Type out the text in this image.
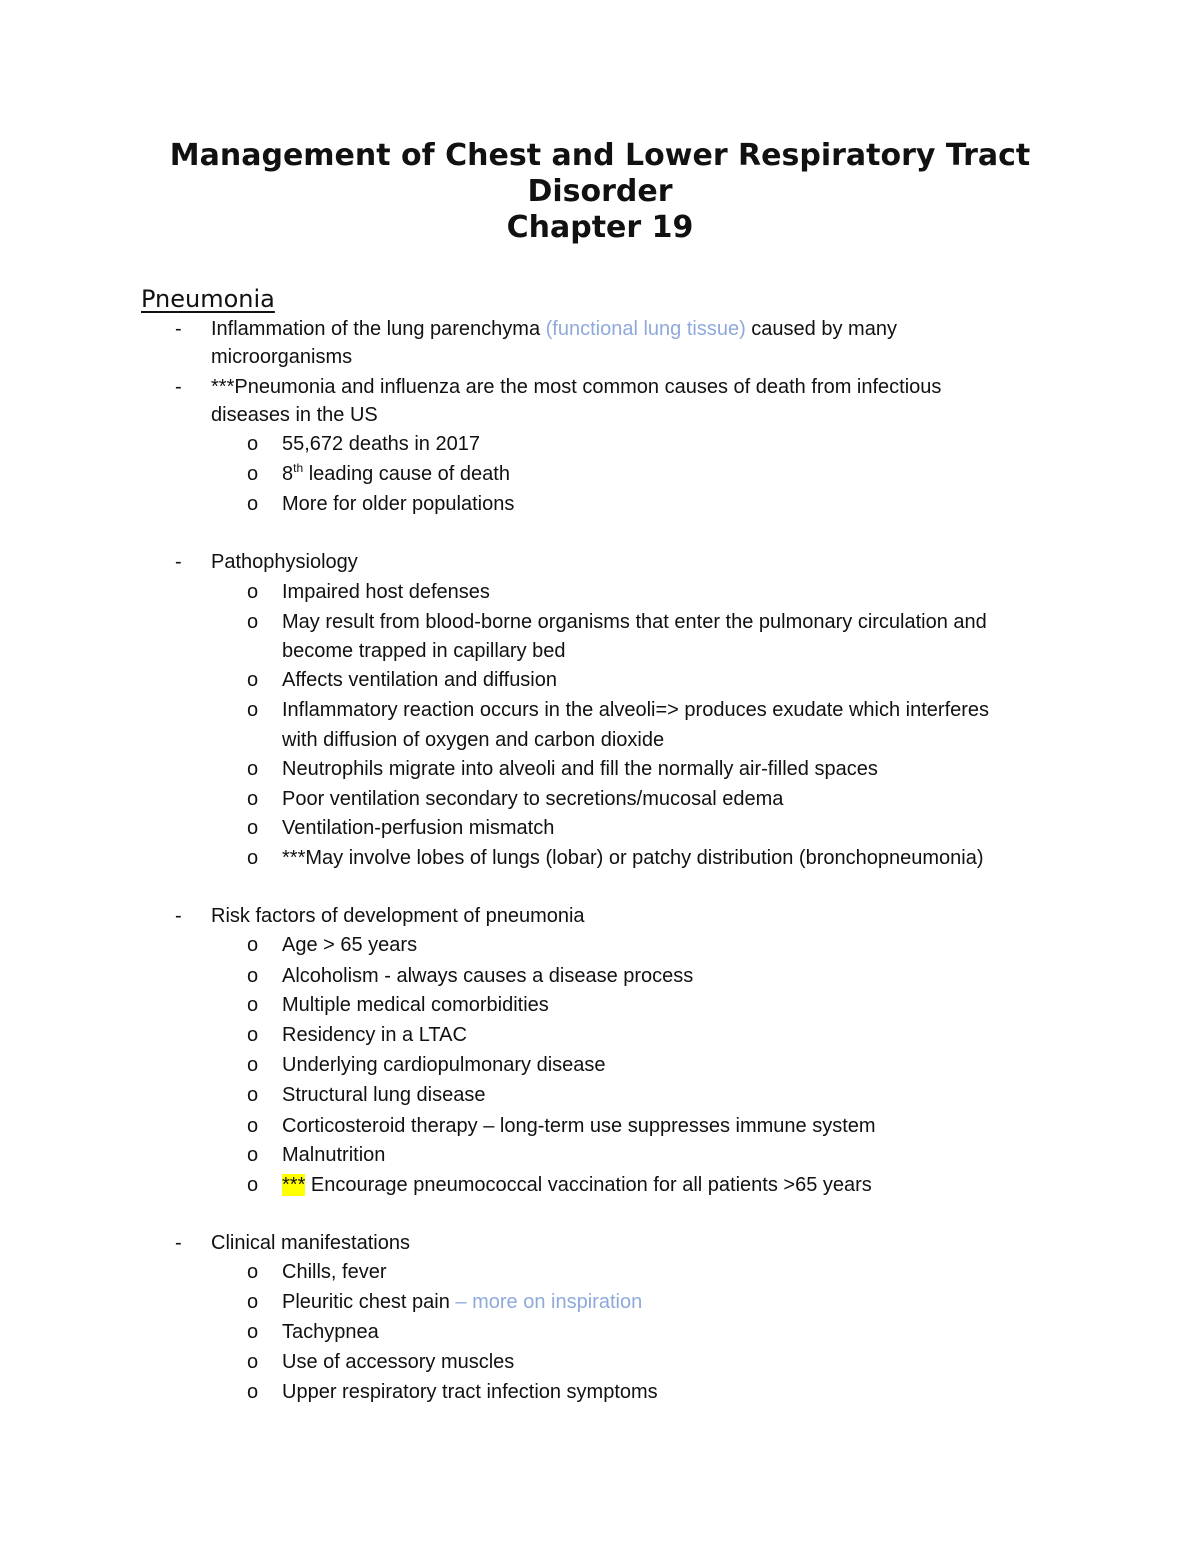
Management of Chest and Lower Respiratory Tract
Disorder
Chapter 19
Pneumonia
- Inflammation of the lung parenchyma (functional lung tissue) caused by many
microorganisms
- ***Pneumonia and influenza are the most common causes of death from infectious
diseases in the US
o 55,672 deaths in 2017
o 8th leading cause of death
o More for older populations
- Pathophysiology
o Impaired host defenses
o May result from blood-borne organisms that enter the pulmonary circulation and
become trapped in capillary bed
o Affects ventilation and diffusion
o Inflammatory reaction occurs in the alveoli=> produces exudate which interferes
with diffusion of oxygen and carbon dioxide
o Neutrophils migrate into alveoli and fill the normally air-filled spaces
o Poor ventilation secondary to secretions/mucosal edema
o Ventilation-perfusion mismatch
o ***May involve lobes of lungs (lobar) or patchy distribution (bronchopneumonia)
- Risk factors of development of pneumonia
o Age > 65 years
o Alcoholism - always causes a disease process
o Multiple medical comorbidities
o Residency in a LTAC
o Underlying cardiopulmonary disease
o Structural lung disease
o Corticosteroid therapy – long-term use suppresses immune system
o Malnutrition
o *** Encourage pneumococcal vaccination for all patients >65 years
- Clinical manifestations
o Chills, fever
o Pleuritic chest pain – more on inspiration
o Tachypnea
o Use of accessory muscles
o Upper respiratory tract infection symptoms
